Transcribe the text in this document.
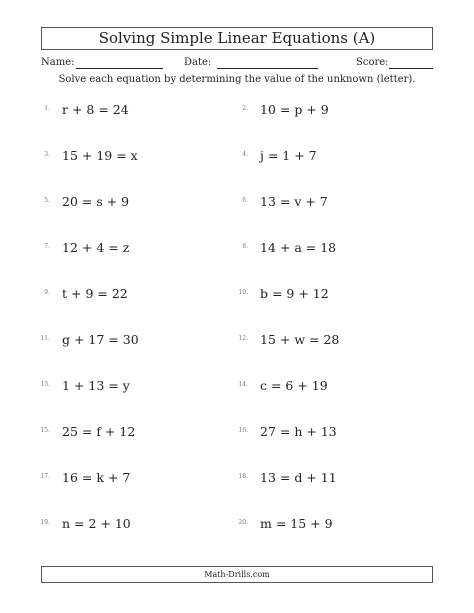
Solving Simple Linear Equations (A)
Name:	Date:	Score:
Solve each equation by determining the value of the unknown (letter).
1. r + 8 = 24	2. 10 = p + 9
3. 15 + 19 = x	4. j = 1 + 7
5. 20 = s + 9	6. 13 = v + 7
7. 12 + 4 = z	8. 14 + a = 18
9. t + 9 = 22	10. b = 9 + 12
11. g + 17 = 30	12. 15 + w = 28
13. 1 + 13 = y	14. c = 6 + 19
15. 25 = f + 12	16. 27 = h + 13
17. 16 = k + 7	18. 13 = d + 11
19. n = 2 + 10	20. m = 15 + 9
Math-Drills.com
